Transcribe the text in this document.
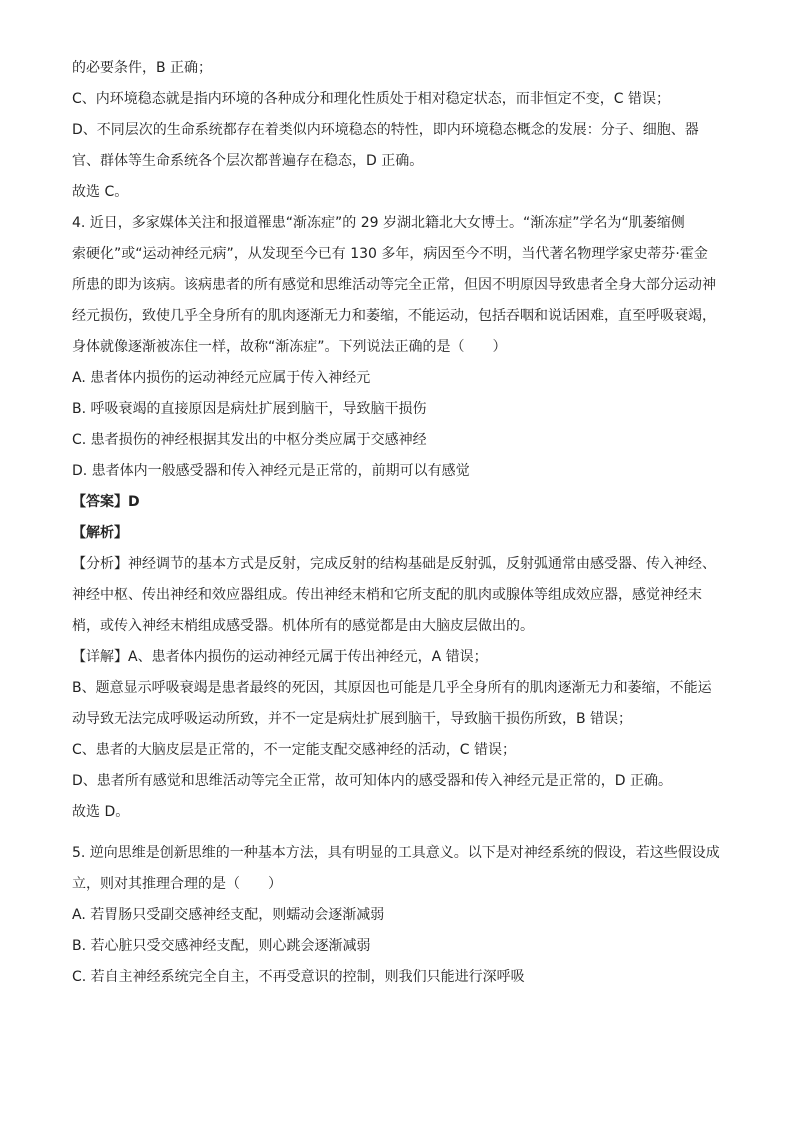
的必要条件，B 正确；
C、内环境稳态就是指内环境的各种成分和理化性质处于相对稳定状态，而非恒定不变，C 错误；
D、不同层次的生命系统都存在着类似内环境稳态的特性，即内环境稳态概念的发展：分子、细胞、器
官、群体等生命系统各个层次都普遍存在稳态，D 正确。
故选 C。
4. 近日，多家媒体关注和报道罹患“渐冻症”的 29 岁湖北籍北大女博士。“渐冻症”学名为“肌萎缩侧
索硬化”或“运动神经元病”，从发现至今已有 130 多年，病因至今不明，当代著名物理学家史蒂芬·霍金
所患的即为该病。该病患者的所有感觉和思维活动等完全正常，但因不明原因导致患者全身大部分运动神
经元损伤，致使几乎全身所有的肌肉逐渐无力和萎缩，不能运动，包括吞咽和说话困难，直至呼吸衰竭，
身体就像逐渐被冻住一样，故称“渐冻症”。下列说法正确的是（　　）
A. 患者体内损伤的运动神经元应属于传入神经元
B. 呼吸衰竭的直接原因是病灶扩展到脑干，导致脑干损伤
C. 患者损伤的神经根据其发出的中枢分类应属于交感神经
D. 患者体内一般感受器和传入神经元是正常的，前期可以有感觉
【答案】D
【解析】
【分析】神经调节的基本方式是反射，完成反射的结构基础是反射弧，反射弧通常由感受器、传入神经、
神经中枢、传出神经和效应器组成。传出神经末梢和它所支配的肌肉或腺体等组成效应器，感觉神经末
梢，或传入神经末梢组成感受器。机体所有的感觉都是由大脑皮层做出的。
【详解】A、患者体内损伤的运动神经元属于传出神经元，A 错误；
B、题意显示呼吸衰竭是患者最终的死因，其原因也可能是几乎全身所有的肌肉逐渐无力和萎缩，不能运
动导致无法完成呼吸运动所致，并不一定是病灶扩展到脑干，导致脑干损伤所致，B 错误；
C、患者的大脑皮层是正常的，不一定能支配交感神经的活动，C 错误；
D、患者所有感觉和思维活动等完全正常，故可知体内的感受器和传入神经元是正常的，D 正确。
故选 D。
5. 逆向思维是创新思维的一种基本方法，具有明显的工具意义。以下是对神经系统的假设，若这些假设成
立，则对其推理合理的是（　　）
A. 若胃肠只受副交感神经支配，则蠕动会逐渐减弱
B. 若心脏只受交感神经支配，则心跳会逐渐减弱
C. 若自主神经系统完全自主，不再受意识的控制，则我们只能进行深呼吸
